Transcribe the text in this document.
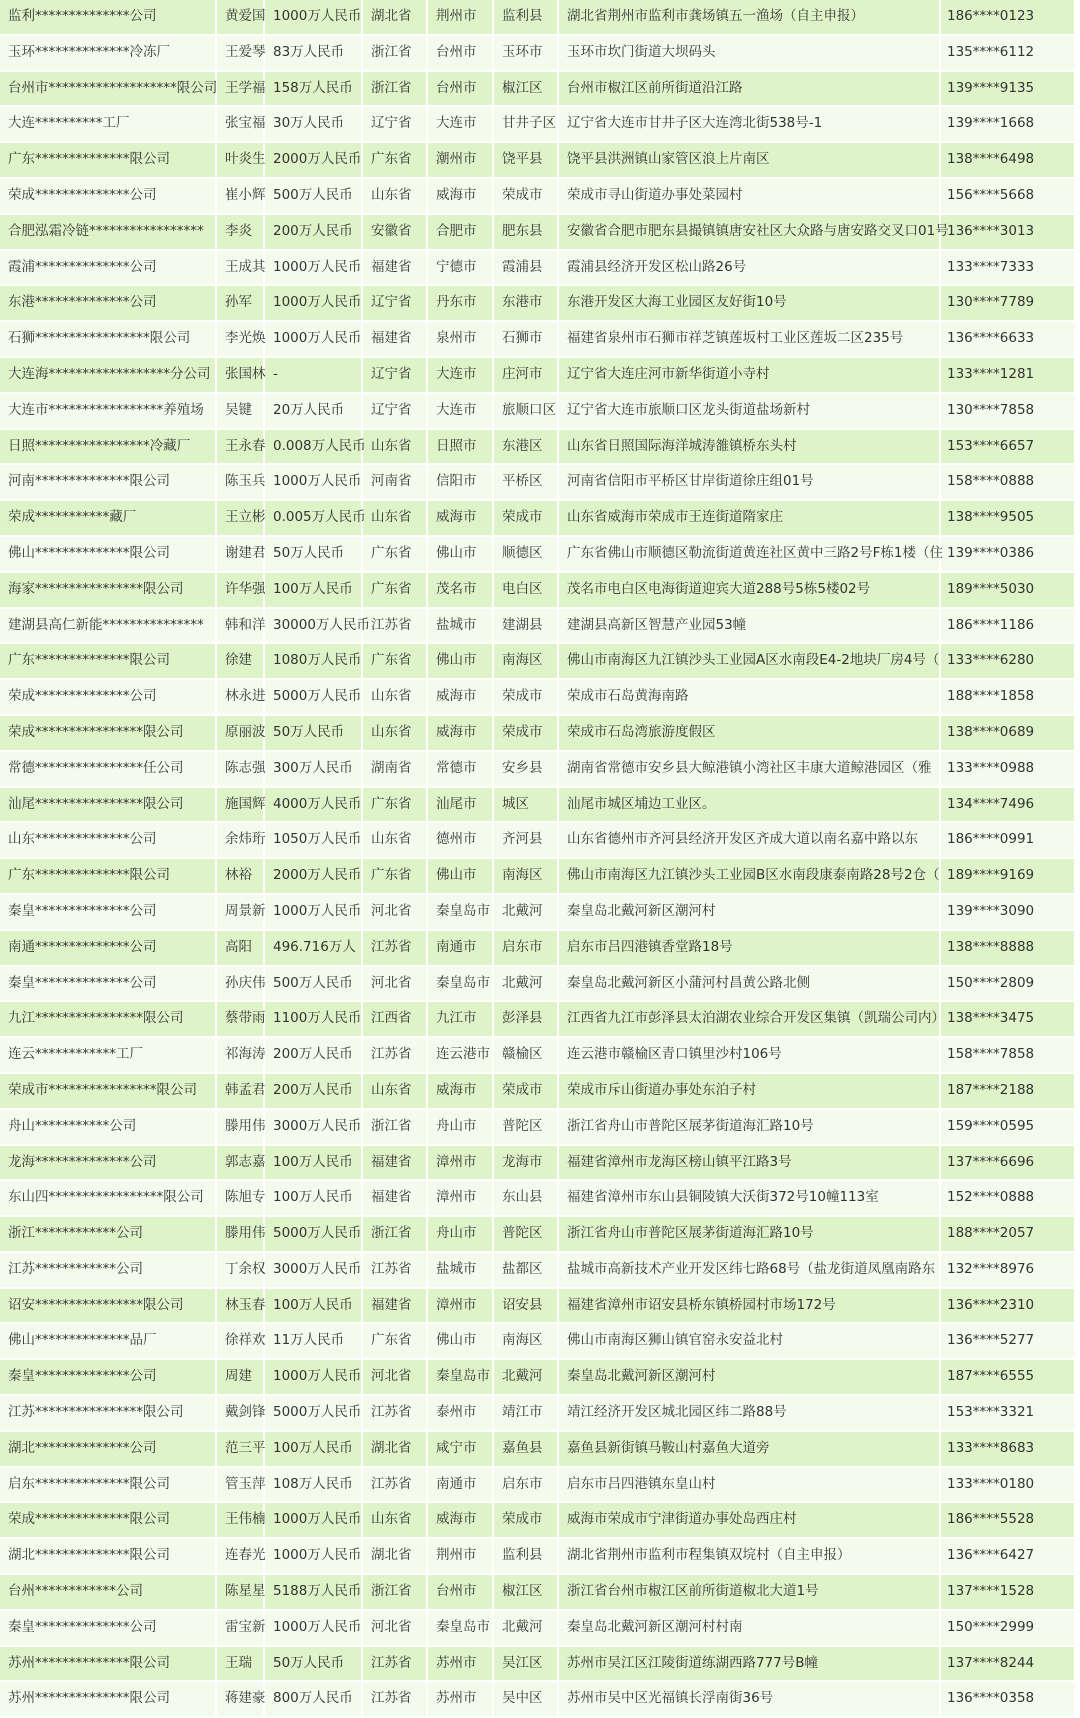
监利**************公司	黄爱国	1000万人民币	湖北省	荆州市	监利县	湖北省荆州市监利市龚场镇五一渔场（自主申报）	186****0123
玉环**************冷冻厂	王爱琴	83万人民币	浙江省	台州市	玉环市	玉环市坎门街道大坝码头	135****6112
台州市*******************限公司	王学福	158万人民币	浙江省	台州市	椒江区	台州市椒江区前所街道沿江路	139****9135
大连**********工厂	张宝福	30万人民币	辽宁省	大连市	甘井子区	辽宁省大连市甘井子区大连湾北街538号-1	139****1668
广东**************限公司	叶炎生	2000万人民币	广东省	潮州市	饶平县	饶平县洪洲镇山家管区浪上片南区	138****6498
荣成**************公司	崔小辉	500万人民币	山东省	威海市	荣成市	荣成市寻山街道办事处菜园村	156****5668
合肥泓霜冷链*****************	李炎	200万人民币	安徽省	合肥市	肥东县	安徽省合肥市肥东县撮镇镇唐安社区大众路与唐安路交叉口01号	136****3013
霞浦**************公司	王成其	1000万人民币	福建省	宁德市	霞浦县	霞浦县经济开发区松山路26号	133****7333
东港**************公司	孙军	1000万人民币	辽宁省	丹东市	东港市	东港开发区大海工业园区友好街10号	130****7789
石狮*****************限公司	李光焕	1000万人民币	福建省	泉州市	石狮市	福建省泉州市石狮市祥芝镇莲坂村工业区莲坂二区235号	136****6633
大连海******************分公司	张国林	-	辽宁省	大连市	庄河市	辽宁省大连庄河市新华街道小寺村	133****1281
大连市*****************养殖场	吴键	20万人民币	辽宁省	大连市	旅顺口区	辽宁省大连市旅顺口区龙头街道盐场新村	130****7858
日照*****************冷藏厂	王永春	0.008万人民币	山东省	日照市	东港区	山东省日照国际海洋城涛雒镇桥东头村	153****6657
河南**************限公司	陈玉兵	1000万人民币	河南省	信阳市	平桥区	河南省信阳市平桥区甘岸街道徐庄组01号	158****0888
荣成***********藏厂	王立彬	0.005万人民币	山东省	威海市	荣成市	山东省威海市荣成市王连街道隋家庄	138****9505
佛山**************限公司	谢建君	50万人民币	广东省	佛山市	顺德区	广东省佛山市顺德区勒流街道黄连社区黄中三路2号F栋1楼（住	139****0386
海家****************限公司	许华强	100万人民币	广东省	茂名市	电白区	茂名市电白区电海街道迎宾大道288号5栋5楼02号	189****5030
建湖县高仁新能***************	韩和洋	30000万人民币	江苏省	盐城市	建湖县	建湖县高新区智慧产业园53幢	186****1186
广东**************限公司	徐建	1080万人民币	广东省	佛山市	南海区	佛山市南海区九江镇沙头工业园A区水南段E4-2地块厂房4号（	133****6280
荣成**************公司	林永进	5000万人民币	山东省	威海市	荣成市	荣成市石岛黄海南路	188****1858
荣成****************限公司	原丽波	50万人民币	山东省	威海市	荣成市	荣成市石岛湾旅游度假区	138****0689
常德****************任公司	陈志强	300万人民币	湖南省	常德市	安乡县	湖南省常德市安乡县大鲸港镇小湾社区丰康大道鲸港园区（雅	133****0988
汕尾****************限公司	施国辉	4000万人民币	广东省	汕尾市	城区	汕尾市城区埔边工业区。	134****7496
山东**************公司	余炜珩	1050万人民币	山东省	德州市	齐河县	山东省德州市齐河县经济开发区齐成大道以南名嘉中路以东	186****0991
广东**************限公司	林裕	2000万人民币	广东省	佛山市	南海区	佛山市南海区九江镇沙头工业园B区水南段康泰南路28号2仓（	189****9169
秦皇**************公司	周景新	1000万人民币	河北省	秦皇岛市	北戴河	秦皇岛北戴河新区潮河村	139****3090
南通**************公司	高阳	496.716万人	江苏省	南通市	启东市	启东市吕四港镇香堂路18号	138****8888
秦皇**************公司	孙庆伟	500万人民币	河北省	秦皇岛市	北戴河	秦皇岛北戴河新区小蒲河村昌黄公路北侧	150****2809
九江****************限公司	蔡带雨	1100万人民币	江西省	九江市	彭泽县	江西省九江市彭泽县太泊湖农业综合开发区集镇（凯瑞公司内）	138****3475
连云************工厂	祁海涛	200万人民币	江苏省	连云港市	赣榆区	连云港市赣榆区青口镇里沙村106号	158****7858
荣成市****************限公司	韩孟君	200万人民币	山东省	威海市	荣成市	荣成市斥山街道办事处东泊子村	187****2188
舟山***********公司	滕用伟	3000万人民币	浙江省	舟山市	普陀区	浙江省舟山市普陀区展茅街道海汇路10号	159****0595
龙海**************公司	郭志嘉	100万人民币	福建省	漳州市	龙海市	福建省漳州市龙海区榜山镇平江路3号	137****6696
东山四*****************限公司	陈旭专	100万人民币	福建省	漳州市	东山县	福建省漳州市东山县铜陵镇大沃街372号10幢113室	152****0888
浙江************公司	滕用伟	5000万人民币	浙江省	舟山市	普陀区	浙江省舟山市普陀区展茅街道海汇路10号	188****2057
江苏************公司	丁余权	3000万人民币	江苏省	盐城市	盐都区	盐城市高新技术产业开发区纬七路68号（盐龙街道凤凰南路东	132****8976
诏安****************限公司	林玉春	100万人民币	福建省	漳州市	诏安县	福建省漳州市诏安县桥东镇桥园村市场172号	136****2310
佛山**************品厂	徐祥欢	11万人民币	广东省	佛山市	南海区	佛山市南海区狮山镇官窑永安益北村	136****5277
秦皇**************公司	周建	1000万人民币	河北省	秦皇岛市	北戴河	秦皇岛北戴河新区潮河村	187****6555
江苏****************限公司	戴剑锋	5000万人民币	江苏省	泰州市	靖江市	靖江经济开发区城北园区纬二路88号	153****3321
湖北**************公司	范三平	100万人民币	湖北省	咸宁市	嘉鱼县	嘉鱼县新街镇马鞍山村嘉鱼大道旁	133****8683
启东**************限公司	管玉萍	108万人民币	江苏省	南通市	启东市	启东市吕四港镇东皇山村	133****0180
荣成**************限公司	王伟楠	1000万人民币	山东省	威海市	荣成市	威海市荣成市宁津街道办事处岛西庄村	186****5528
湖北**************限公司	连春光	1000万人民币	湖北省	荆州市	监利县	湖北省荆州市监利市程集镇双垸村（自主申报）	136****6427
台州************公司	陈星星	5188万人民币	浙江省	台州市	椒江区	浙江省台州市椒江区前所街道椒北大道1号	137****1528
秦皇**************公司	雷宝新	1000万人民币	河北省	秦皇岛市	北戴河	秦皇岛北戴河新区潮河村村南	150****2999
苏州**************限公司	王瑞	50万人民币	江苏省	苏州市	吴江区	苏州市吴江区江陵街道练湖西路777号B幢	137****8244
苏州**************限公司	蒋建豪	800万人民币	江苏省	苏州市	吴中区	苏州市吴中区光福镇长浮南街36号	136****0358
